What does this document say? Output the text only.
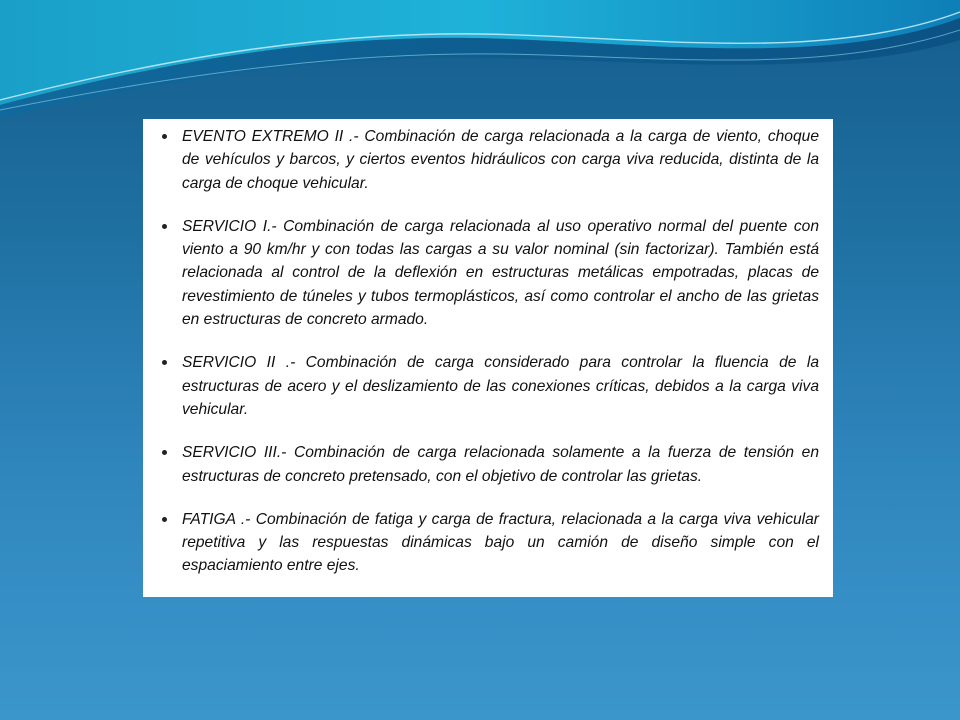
EVENTO EXTREMO II .- Combinación de carga relacionada a la carga de viento, choque de vehículos y barcos, y ciertos eventos hidráulicos con carga viva reducida, distinta de la carga de choque vehicular.
SERVICIO I.- Combinación de carga relacionada al uso operativo normal del puente con viento a 90 km/hr y con todas las cargas a su valor nominal (sin factorizar). También está relacionada al control de la deflexión en estructuras metálicas empotradas, placas de revestimiento de túneles y tubos termoplásticos, así como controlar el ancho de las grietas en estructuras de concreto armado.
SERVICIO II .- Combinación de carga considerado para controlar la fluencia de la estructuras de acero y el deslizamiento de las conexiones críticas, debidos a la carga viva vehicular.
SERVICIO III.- Combinación de carga relacionada solamente a la fuerza de tensión en estructuras de concreto pretensado, con el objetivo de controlar las grietas.
FATIGA .- Combinación de fatiga y carga de fractura, relacionada a la carga viva vehicular repetitiva y las respuestas dinámicas bajo un camión de diseño simple con el espaciamiento entre ejes.
